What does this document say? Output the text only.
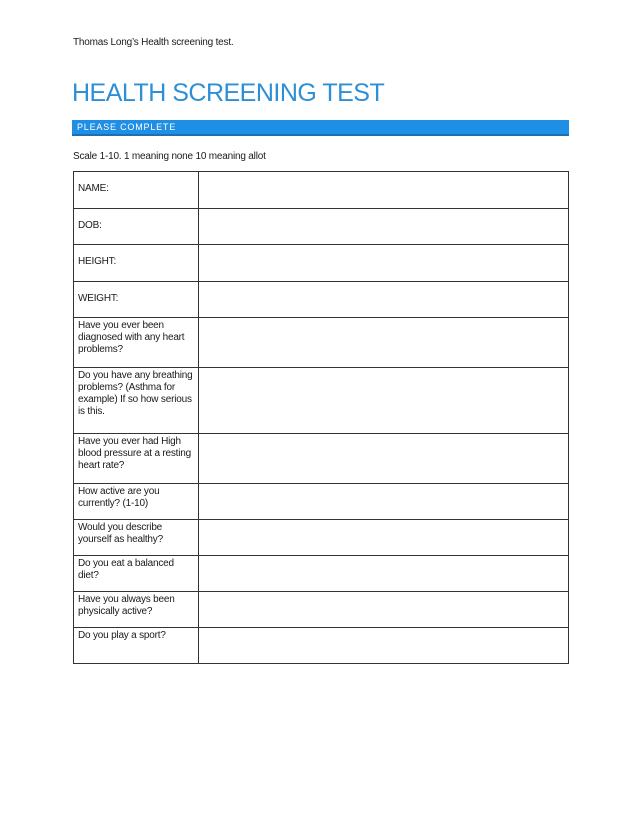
Thomas Long’s Health screening test.
HEALTH SCREENING TEST
PLEASE COMPLETE
Scale 1-10. 1 meaning none 10 meaning allot
NAME:	

DOB:	

HEIGHT:	

WEIGHT:	

Have you ever been diagnosed with any heart problems?	

Do you have any breathing problems? (Asthma for example) If so how serious is this.	

Have you ever had High blood pressure at a resting heart rate?	

How active are you currently? (1-10)	

Would you describe yourself as healthy?	

Do you eat a balanced diet?	

Have you always been physically active?	

Do you play a sport?	
